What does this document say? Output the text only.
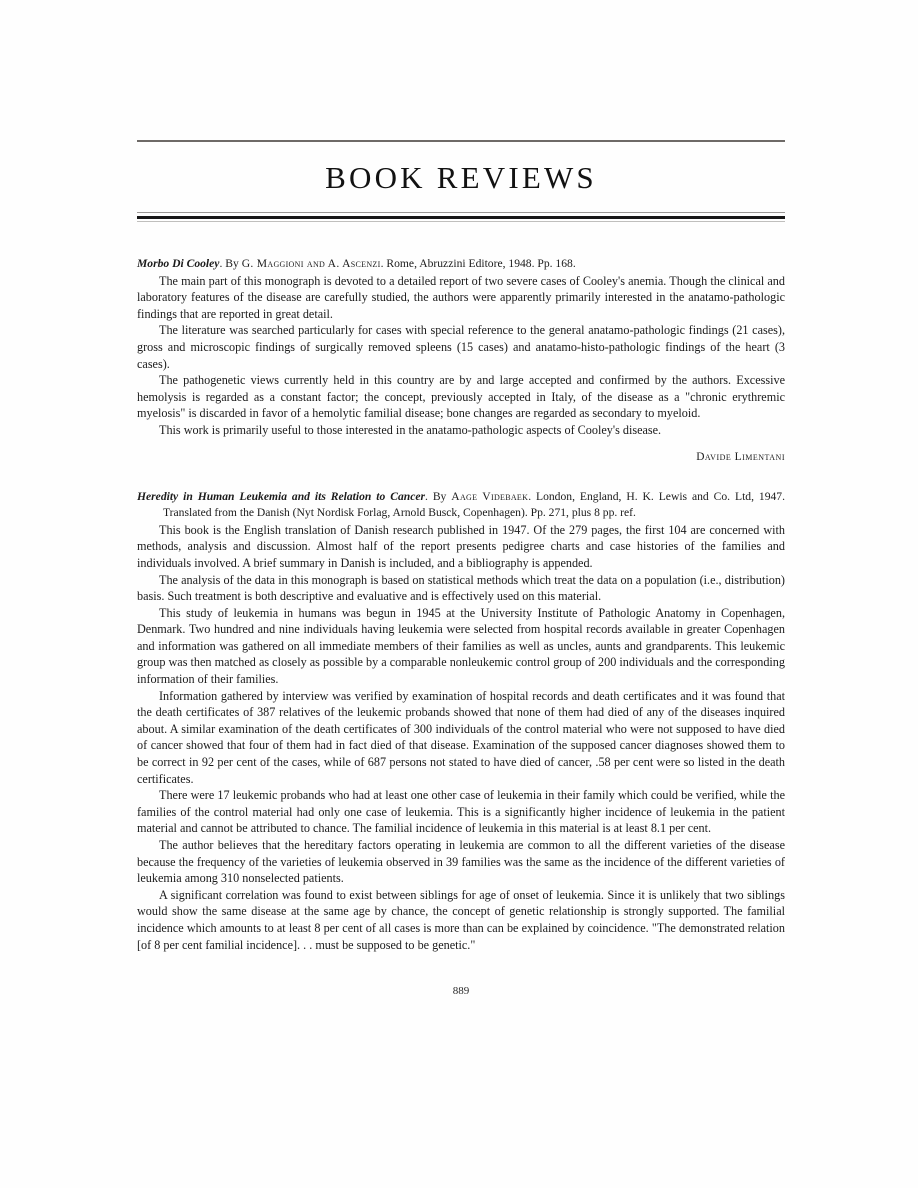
BOOK REVIEWS

Morbo Di Cooley. By G. Maggioni and A. Ascenzi. Rome, Abruzzini Editore, 1948. Pp. 168.

The main part of this monograph is devoted to a detailed report of two severe cases of Cooley's anemia. Though the clinical and laboratory features of the disease are carefully studied, the authors were apparently primarily interested in the anatamo-pathologic findings that are reported in great detail.

The literature was searched particularly for cases with special reference to the general anatamo-pathologic findings (21 cases), gross and microscopic findings of surgically removed spleens (15 cases) and anatamo-histo-pathologic findings of the heart (3 cases).

The pathogenetic views currently held in this country are by and large accepted and confirmed by the authors. Excessive hemolysis is regarded as a constant factor; the concept, previously accepted in Italy, of the disease as a "chronic erythremic myelosis" is discarded in favor of a hemolytic familial disease; bone changes are regarded as secondary to myeloid.

This work is primarily useful to those interested in the anatamo-pathologic aspects of Cooley's disease.

Davide Limentani

Heredity in Human Leukemia and its Relation to Cancer. By Aage Videbaek. London, England, H. K. Lewis and Co. Ltd, 1947. Translated from the Danish (Nyt Nordisk Forlag, Arnold Busck, Copenhagen). Pp. 271, plus 8 pp. ref.

This book is the English translation of Danish research published in 1947. Of the 279 pages, the first 104 are concerned with methods, analysis and discussion. Almost half of the report presents pedigree charts and case histories of the families and individuals involved. A brief summary in Danish is included, and a bibliography is appended.

The analysis of the data in this monograph is based on statistical methods which treat the data on a population (i.e., distribution) basis. Such treatment is both descriptive and evaluative and is effectively used on this material.

This study of leukemia in humans was begun in 1945 at the University Institute of Pathologic Anatomy in Copenhagen, Denmark. Two hundred and nine individuals having leukemia were selected from hospital records available in greater Copenhagen and information was gathered on all immediate members of their families as well as uncles, aunts and grandparents. This leukemic group was then matched as closely as possible by a comparable nonleukemic control group of 200 individuals and the corresponding information of their families.

Information gathered by interview was verified by examination of hospital records and death certificates and it was found that the death certificates of 387 relatives of the leukemic probands showed that none of them had died of any of the diseases inquired about. A similar examination of the death certificates of 300 individuals of the control material who were not supposed to have died of cancer showed that four of them had in fact died of that disease. Examination of the supposed cancer diagnoses showed them to be correct in 92 per cent of the cases, while of 687 persons not stated to have died of cancer, .58 per cent were so listed in the death certificates.

There were 17 leukemic probands who had at least one other case of leukemia in their family which could be verified, while the families of the control material had only one case of leukemia. This is a significantly higher incidence of leukemia in the patient material and cannot be attributed to chance. The familial incidence of leukemia in this material is at least 8.1 per cent.

The author believes that the hereditary factors operating in leukemia are common to all the different varieties of the disease because the frequency of the varieties of leukemia observed in 39 families was the same as the incidence of the different varieties of leukemia among 310 nonselected patients.

A significant correlation was found to exist between siblings for age of onset of leukemia. Since it is unlikely that two siblings would show the same disease at the same age by chance, the concept of genetic relationship is strongly supported. The familial incidence which amounts to at least 8 per cent of all cases is more than can be explained by coincidence. "The demonstrated relation [of 8 per cent familial incidence]. . . must be supposed to be genetic."

889
